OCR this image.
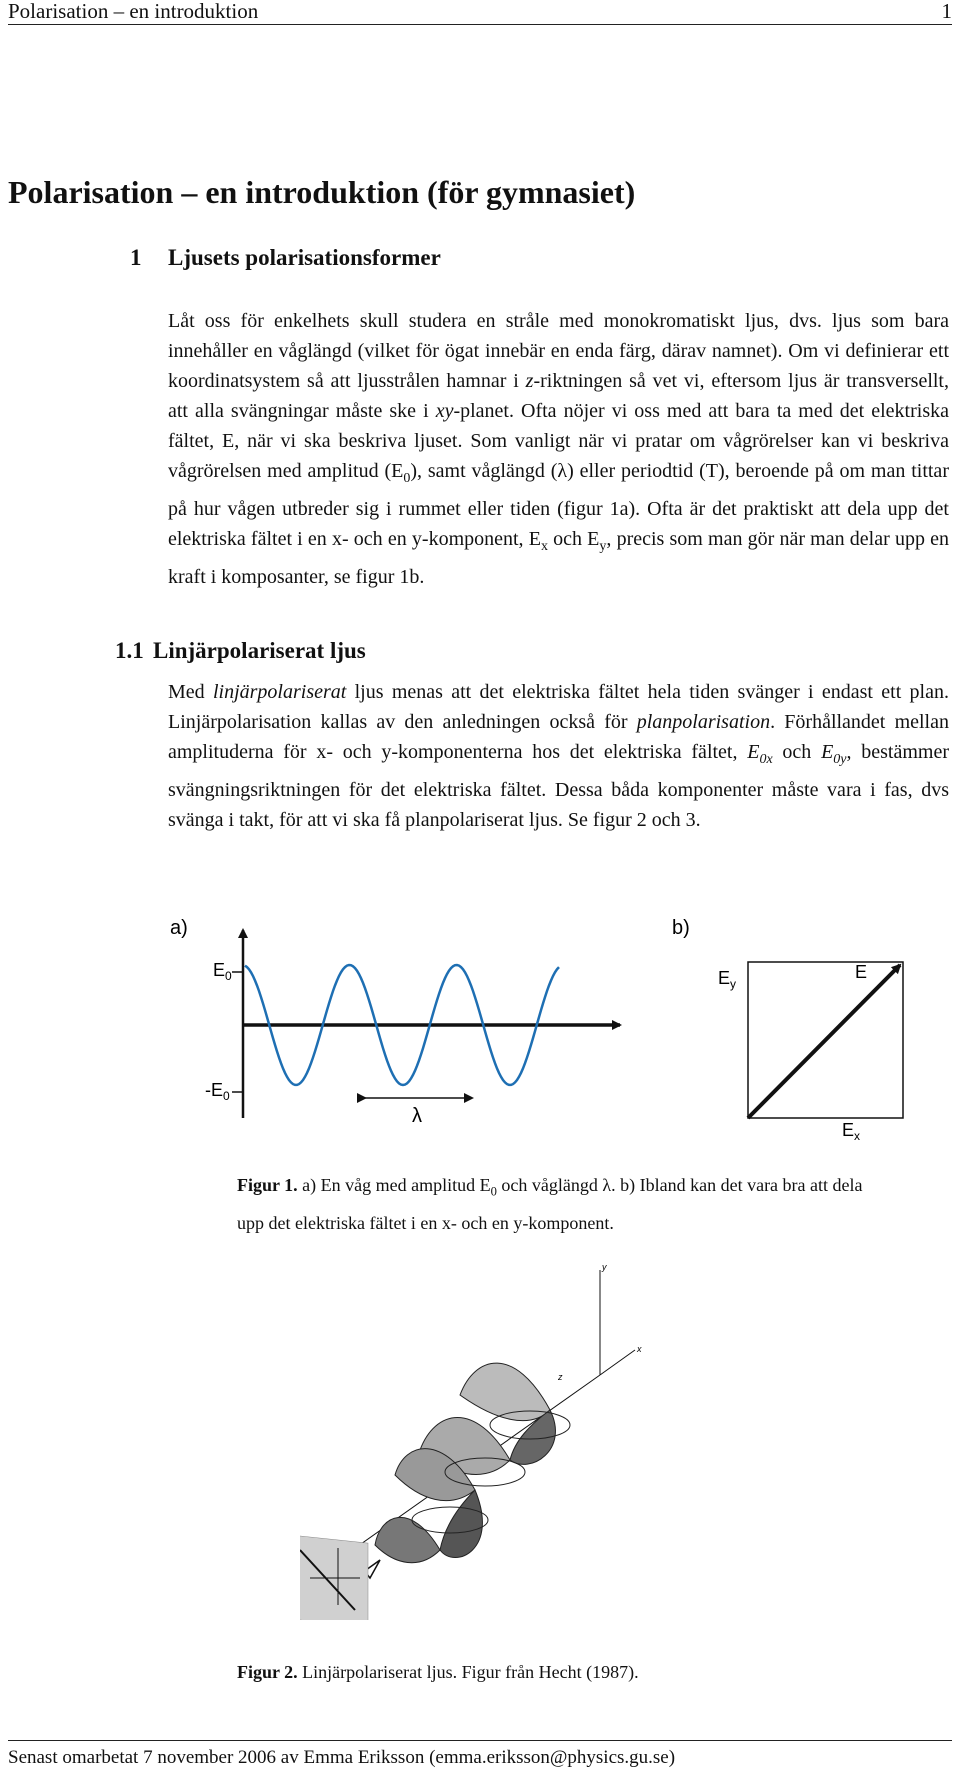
Polarisation – en introduktion	1
Polarisation – en introduktion (för gymnasiet)
1 Ljusets polarisationsformer
Låt oss för enkelhets skull studera en stråle med monokromatiskt ljus, dvs. ljus som bara innehåller en våglängd (vilket för ögat innebär en enda färg, därav namnet). Om vi definierar ett koordinatsystem så att ljusstrålen hamnar i z-riktningen så vet vi, eftersom ljus är transversellt, att alla svängningar måste ske i xy-planet. Ofta nöjer vi oss med att bara ta med det elektriska fältet, E, när vi ska beskriva ljuset. Som vanligt när vi pratar om vågrörelser kan vi beskriva vågrörelsen med amplitud $(E_0)$, samt våglängd (λ) eller periodtid (T), beroende på om man tittar på hur vågen utbreder sig i rummet eller tiden (figur 1a). Ofta är det praktiskt att dela upp det elektriska fältet i en x- och en y-komponent, $E_x$ och $E_y$, precis som man gör när man delar upp en kraft i komposanter, se figur 1b.
1.1 Linjärpolariserat ljus
Med linjärpolariserat ljus menas att det elektriska fältet hela tiden svänger i endast ett plan. Linjärpolarisation kallas av den anledningen också för planpolarisation. Förhållandet mellan amplituderna för x- och y-komponenterna hos det elektriska fältet, $E_{0x}$ och $E_{0y}$, bestämmer svängningsriktningen för det elektriska fältet. Dessa båda komponenter måste vara i fas, dvs svänga i takt, för att vi ska få planpolariserat ljus. Se figur 2 och 3.
a)
$E_0$
$-E_0$
λ
b)
$E_y$
E
$E_x$
Figur 1. a) En våg med amplitud $E_0$ och våglängd λ. b) Ibland kan det vara bra att dela upp det elektriska fältet i en x- och en y-komponent.
y
x
z
Figur 2. Linjärpolariserat ljus. Figur från Hecht (1987).
Senast omarbetat 7 november 2006 av Emma Eriksson (emma.eriksson@physics.gu.se)
